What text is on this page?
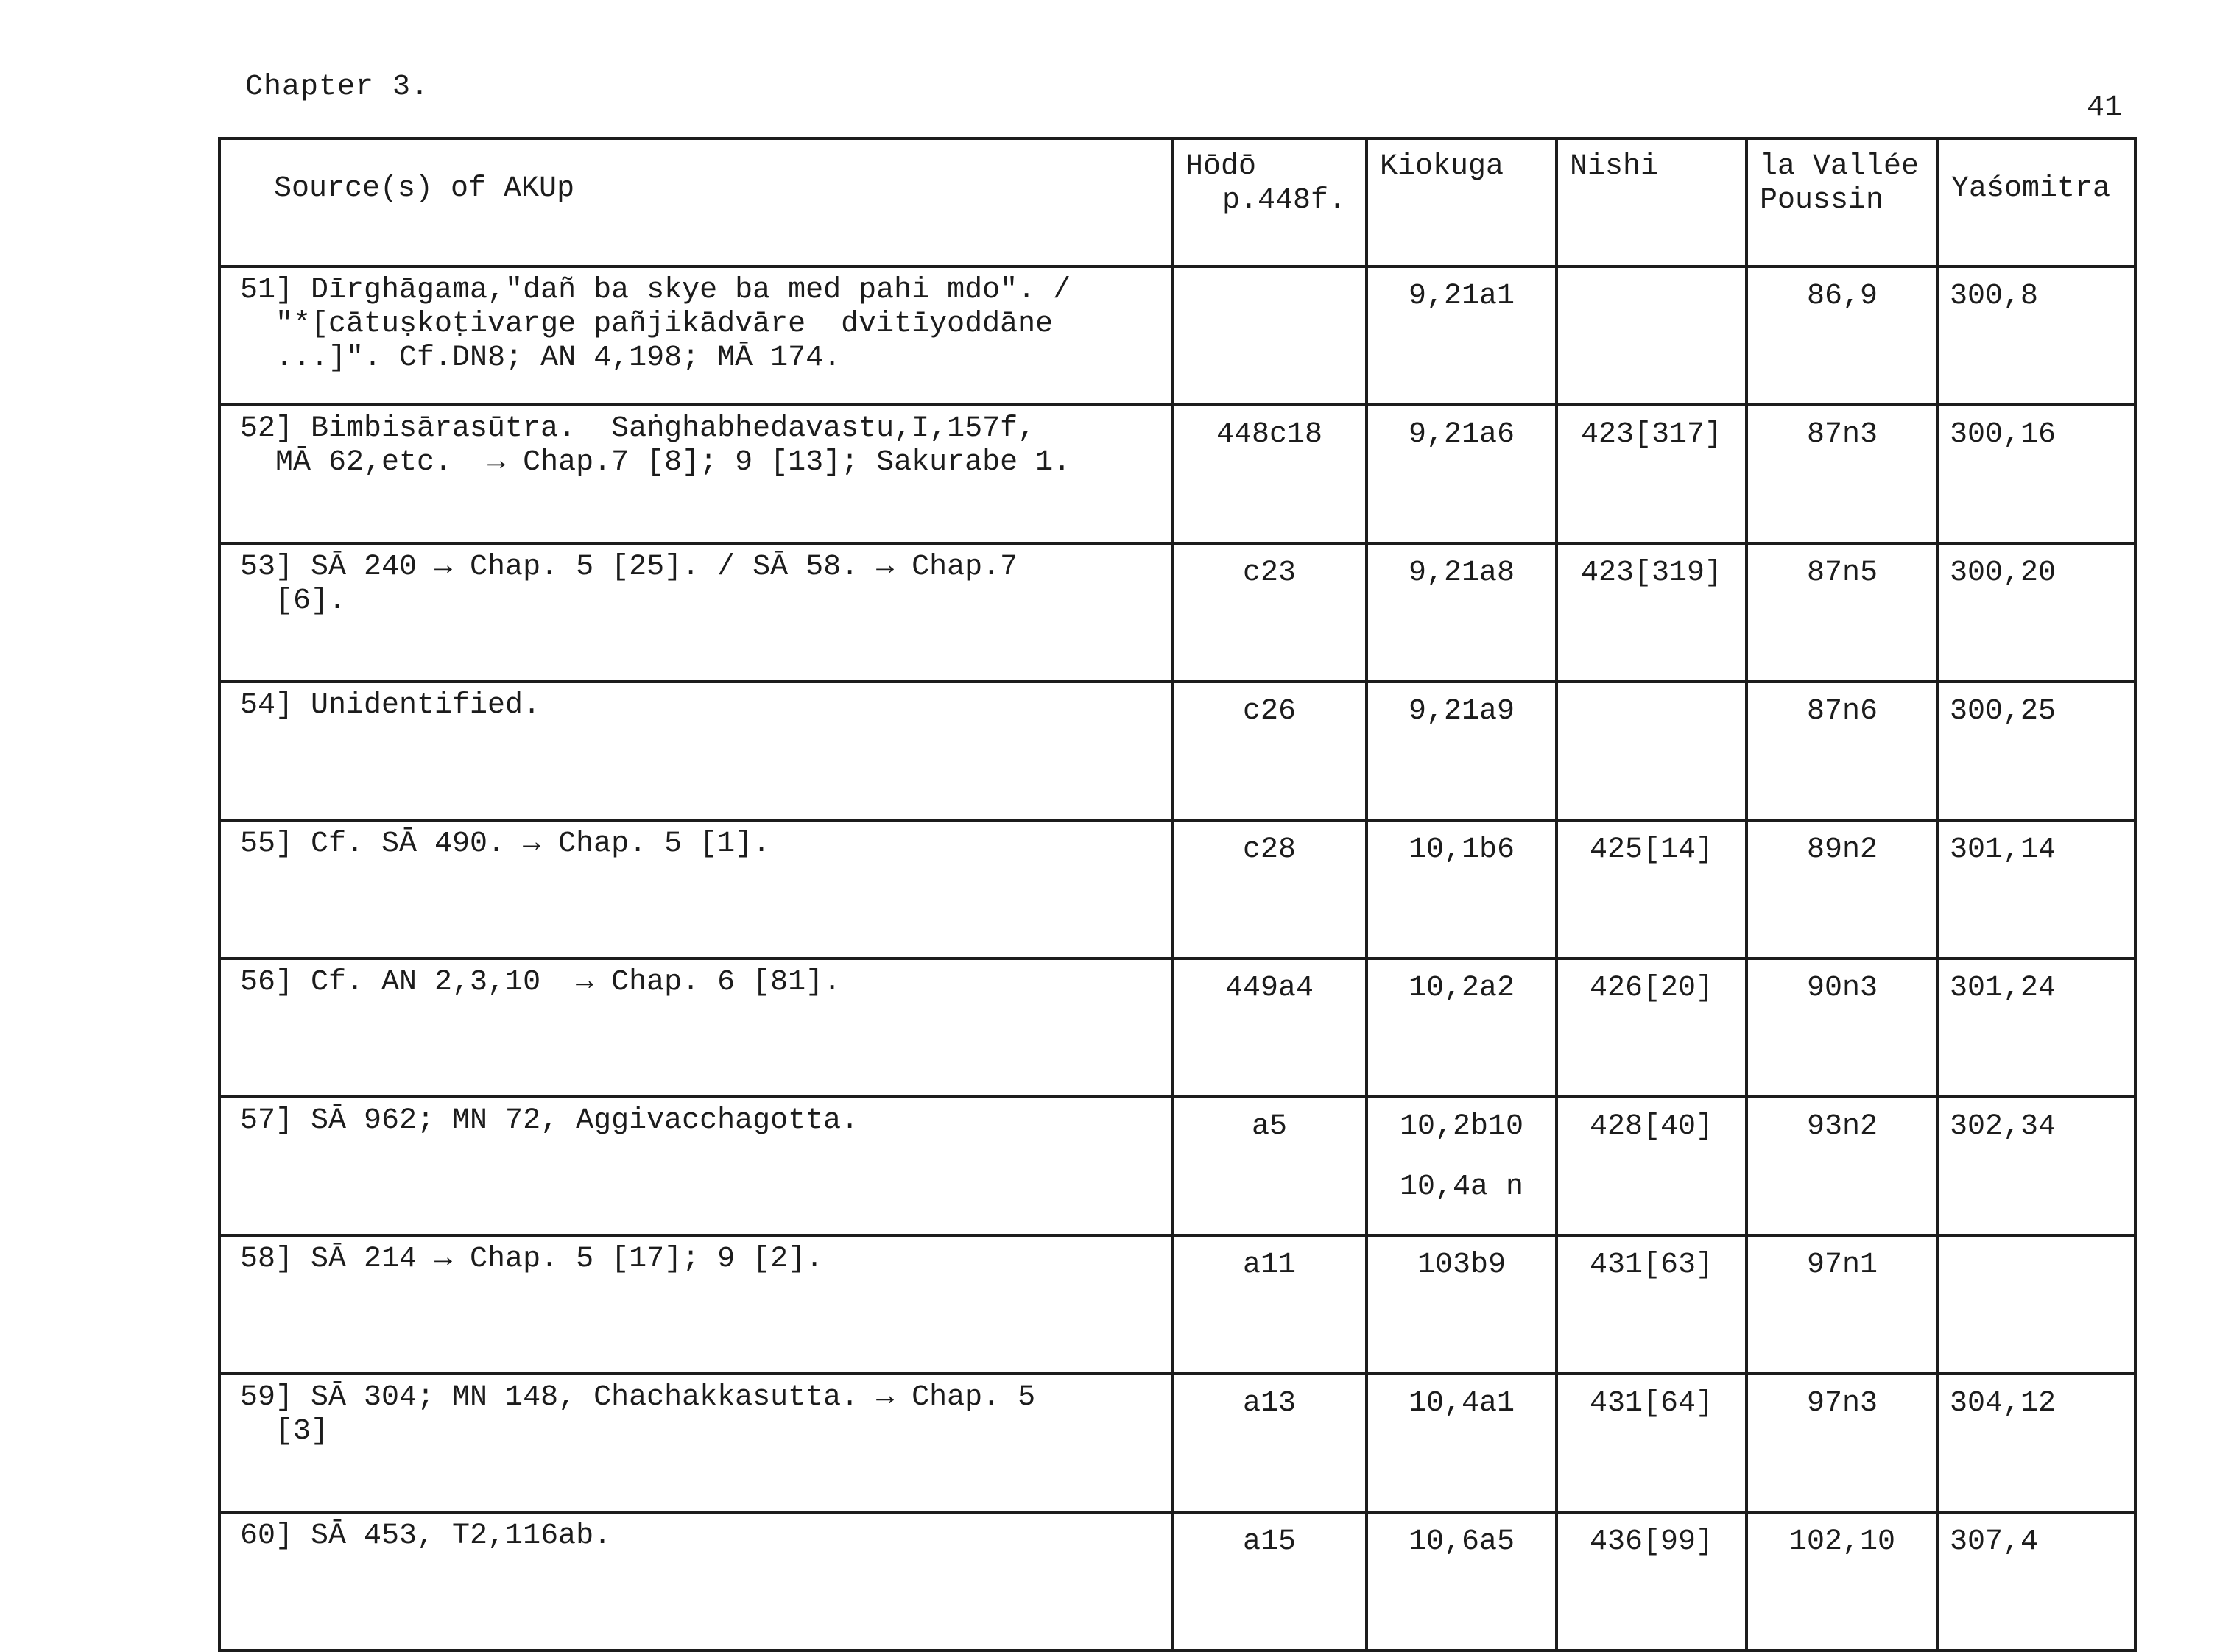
Chapter 3.
41
Source(s) of AKUp	Hōdō
p.448f.	Kiokuga	Nishi	la Vallée
Poussin	Yaśomitra
51] Dīrghāgama,"dañ ba skye ba med pahi mdo". /
"*[cātuṣkoṭivarge pañjikādvāre  dvitīyoddāne
...]". Cf.DN8; AN 4,198; MĀ 174.		9,21a1		86,9	300,8
52] Bimbisārasūtra.  Saṅghabhedavastu,I,157f,
MĀ 62,etc.  → Chap.7 [8]; 9 [13]; Sakurabe 1.	448c18	9,21a6	423[317]	87n3	300,16
53] SĀ 240 → Chap. 5 [25]. / SĀ 58. → Chap.7
[6].	c23	9,21a8	423[319]	87n5	300,20
54] Unidentified.	c26	9,21a9		87n6	300,25
55] Cf. SĀ 490. → Chap. 5 [1].	c28	10,1b6	425[14]	89n2	301,14
56] Cf. AN 2,3,10  → Chap. 6 [81].	449a4	10,2a2	426[20]	90n3	301,24
57] SĀ 962; MN 72, Aggivacchagotta.	a5	10,2b10
10,4a n	428[40]	93n2	302,34
58] SĀ 214 → Chap. 5 [17]; 9 [2].	a11	103b9	431[63]	97n1	
59] SĀ 304; MN 148, Chachakkasutta. → Chap. 5
[3]	a13	10,4a1	431[64]	97n3	304,12
60] SĀ 453, T2,116ab.	a15	10,6a5	436[99]	102,10	307,4
